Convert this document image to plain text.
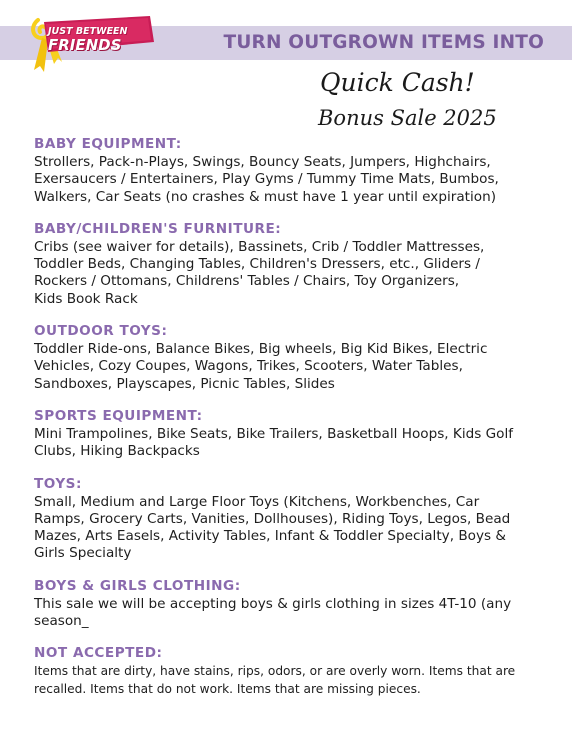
JUST BETWEEN
FRIENDS	TURN OUTGROWN ITEMS INTO
Quick Cash!
Bonus Sale 2025
BABY EQUIPMENT:
Strollers, Pack-n-Plays, Swings, Bouncy Seats, Jumpers, Highchairs,
Exersaucers / Entertainers, Play Gyms / Tummy Time Mats, Bumbos,
Walkers, Car Seats (no crashes & must have 1 year until expiration)
BABY/CHILDREN'S FURNITURE:
Cribs (see waiver for details), Bassinets, Crib / Toddler Mattresses,
Toddler Beds, Changing Tables, Children's Dressers, etc., Gliders /
Rockers / Ottomans, Childrens' Tables / Chairs, Toy Organizers,
Kids Book Rack
OUTDOOR TOYS:
Toddler Ride-ons, Balance Bikes, Big wheels, Big Kid Bikes, Electric
Vehicles, Cozy Coupes, Wagons, Trikes, Scooters, Water Tables,
Sandboxes, Playscapes, Picnic Tables, Slides
SPORTS EQUIPMENT:
Mini Trampolines, Bike Seats, Bike Trailers, Basketball Hoops, Kids Golf
Clubs, Hiking Backpacks
TOYS:
Small, Medium and Large Floor Toys (Kitchens, Workbenches, Car
Ramps, Grocery Carts, Vanities, Dollhouses), Riding Toys, Legos, Bead
Mazes, Arts Easels, Activity Tables, Infant & Toddler Specialty, Boys &
Girls Specialty
BOYS & GIRLS CLOTHING:
This sale we will be accepting boys & girls clothing in sizes 4T-10 (any
season_
NOT ACCEPTED:
Items that are dirty, have stains, rips, odors, or are overly worn. Items that are
recalled. Items that do not work. Items that are missing pieces.
